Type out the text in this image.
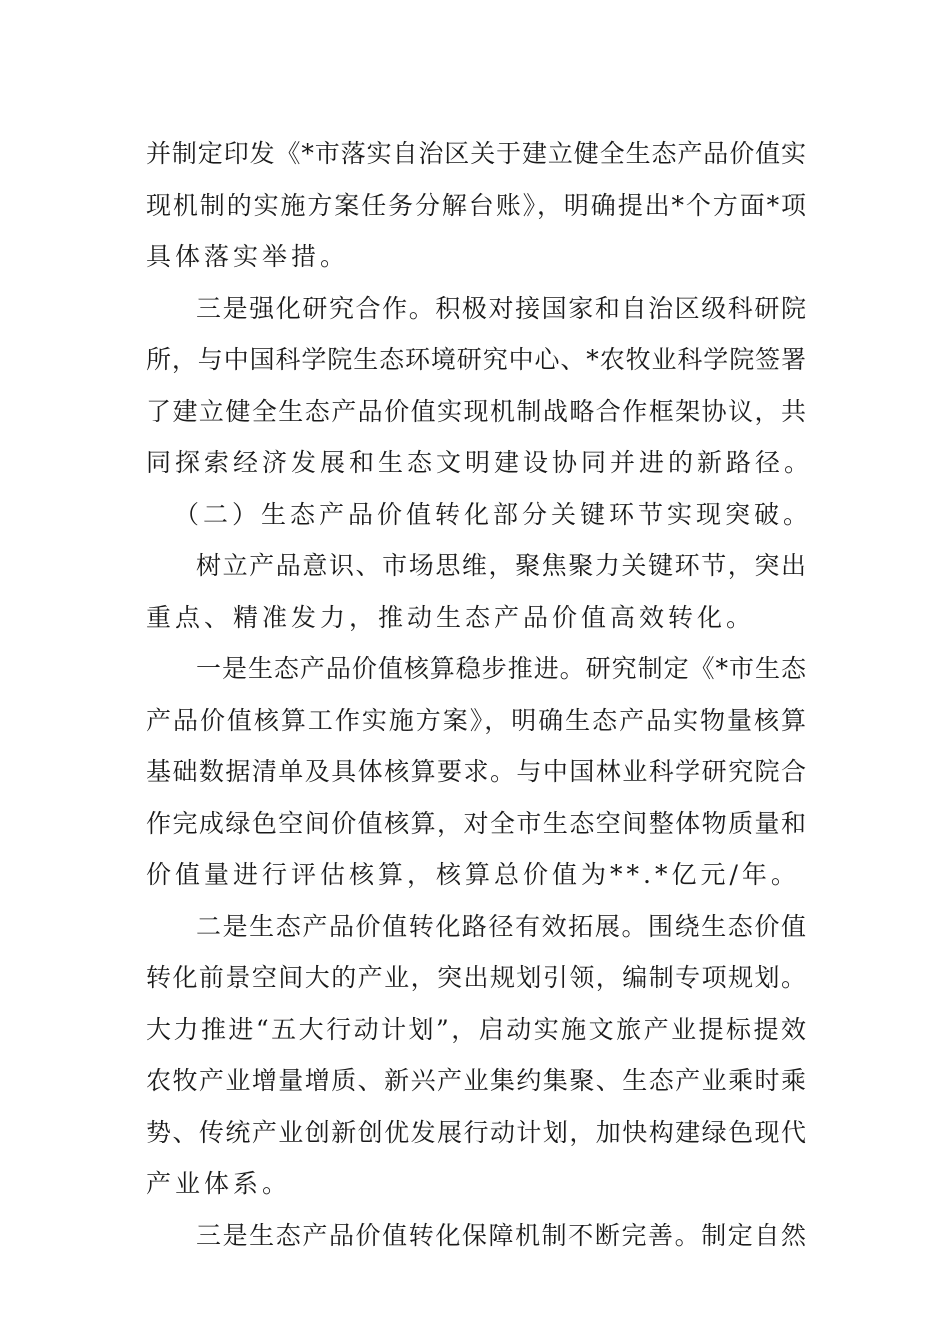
并制定印发《*市落实自治区关于建立健全生态产品价值实
现机制的实施方案任务分解台账》，明确提出*个方面*项
具体落实举措。
三是强化研究合作。积极对接国家和自治区级科研院
所，与中国科学院生态环境研究中心、*农牧业科学院签署
了建立健全生态产品价值实现机制战略合作框架协议，共
同探索经济发展和生态文明建设协同并进的新路径。
（二）生态产品价值转化部分关键环节实现突破。
树立产品意识、市场思维，聚焦聚力关键环节，突出
重点、精准发力，推动生态产品价值高效转化。
一是生态产品价值核算稳步推进。研究制定《*市生态
产品价值核算工作实施方案》，明确生态产品实物量核算
基础数据清单及具体核算要求。与中国林业科学研究院合
作完成绿色空间价值核算，对全市生态空间整体物质量和
价值量进行评估核算，核算总价值为**.*亿元/年。
二是生态产品价值转化路径有效拓展。围绕生态价值
转化前景空间大的产业，突出规划引领，编制专项规划。
大力推进“五大行动计划”，启动实施文旅产业提标提效
农牧产业增量增质、新兴产业集约集聚、生态产业乘时乘
势、传统产业创新创优发展行动计划，加快构建绿色现代
产业体系。
三是生态产品价值转化保障机制不断完善。制定自然
